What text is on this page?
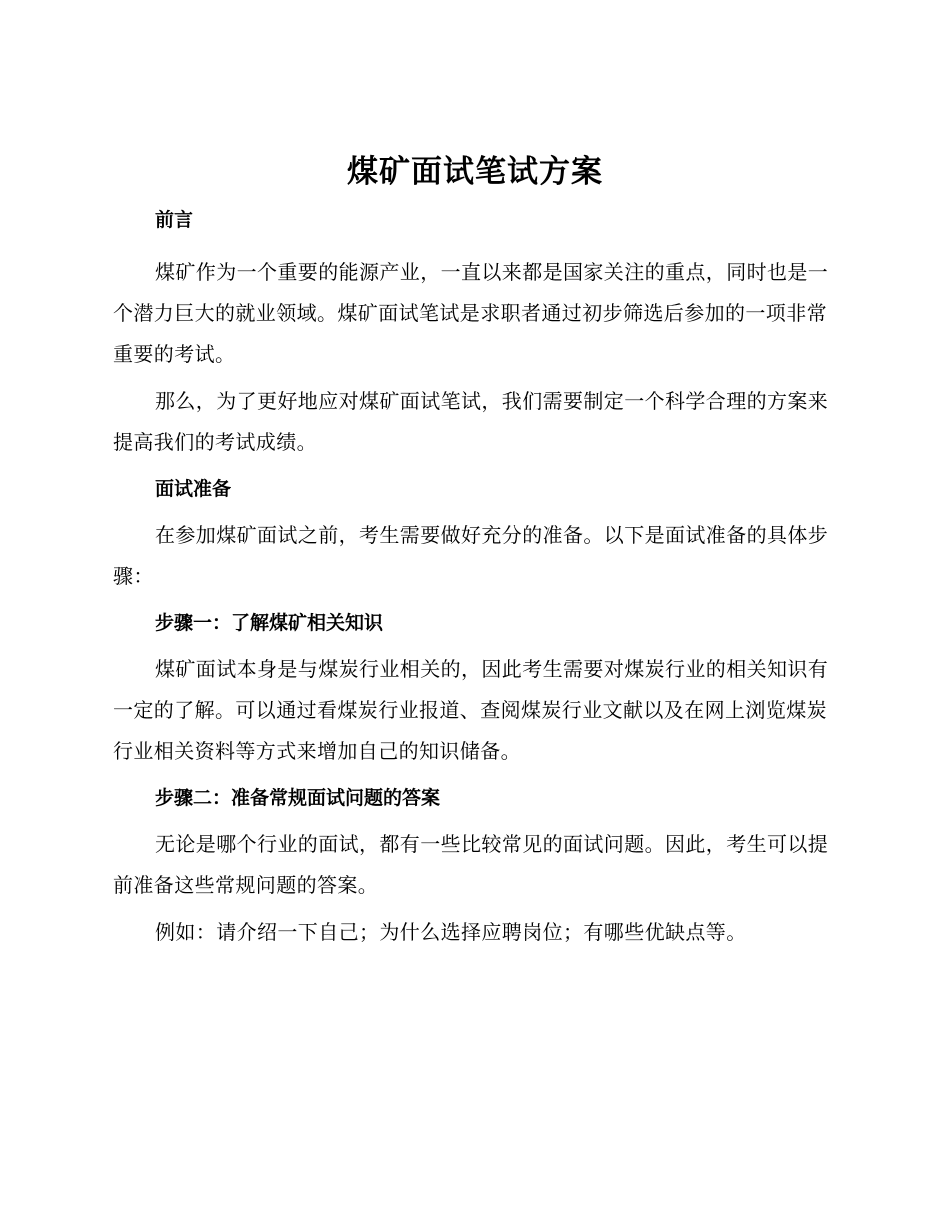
煤矿面试笔试方案
前言

煤矿作为一个重要的能源产业，一直以来都是国家关注的重点，同时也是一个潜力巨大的就业领域。煤矿面试笔试是求职者通过初步筛选后参加的一项非常重要的考试。

那么，为了更好地应对煤矿面试笔试，我们需要制定一个科学合理的方案来提高我们的考试成绩。

面试准备

在参加煤矿面试之前，考生需要做好充分的准备。以下是面试准备的具体步骤：

步骤一：了解煤矿相关知识

煤矿面试本身是与煤炭行业相关的，因此考生需要对煤炭行业的相关知识有一定的了解。可以通过看煤炭行业报道、查阅煤炭行业文献以及在网上浏览煤炭行业相关资料等方式来增加自己的知识储备。

步骤二：准备常规面试问题的答案

无论是哪个行业的面试，都有一些比较常见的面试问题。因此，考生可以提前准备这些常规问题的答案。

例如：请介绍一下自己；为什么选择应聘岗位；有哪些优缺点等。
